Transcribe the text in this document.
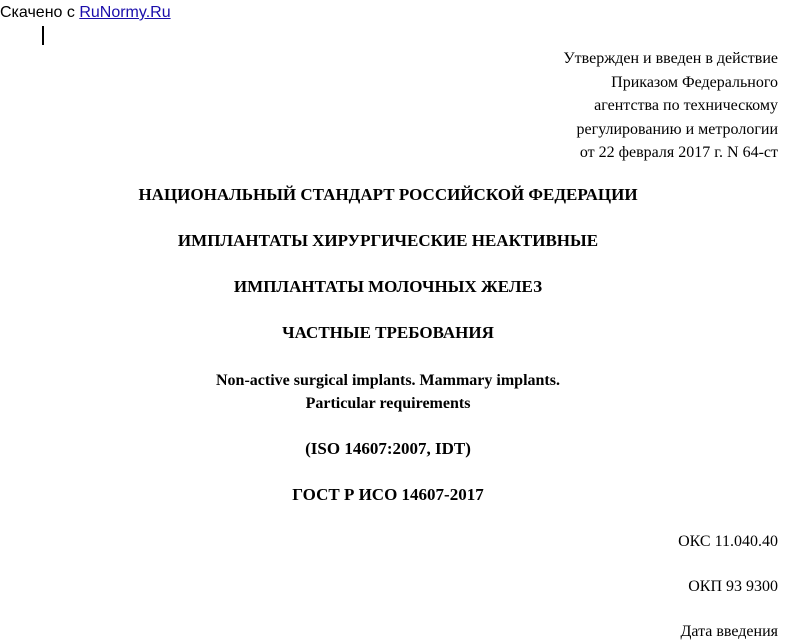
Скачено с RuNormy.Ru
Утвержден и введен в действие
Приказом Федерального
агентства по техническому
регулированию и метрологии
от 22 февраля 2017 г. N 64-ст
НАЦИОНАЛЬНЫЙ СТАНДАРТ РОССИЙСКОЙ ФЕДЕРАЦИИ
ИМПЛАНТАТЫ ХИРУРГИЧЕСКИЕ НЕАКТИВНЫЕ
ИМПЛАНТАТЫ МОЛОЧНЫХ ЖЕЛЕЗ
ЧАСТНЫЕ ТРЕБОВАНИЯ
Non-active surgical implants. Mammary implants.
Particular requirements
(ISO 14607:2007, IDT)
ГОСТ Р ИСО 14607-2017
ОКС 11.040.40
ОКП 93 9300
Дата введения
